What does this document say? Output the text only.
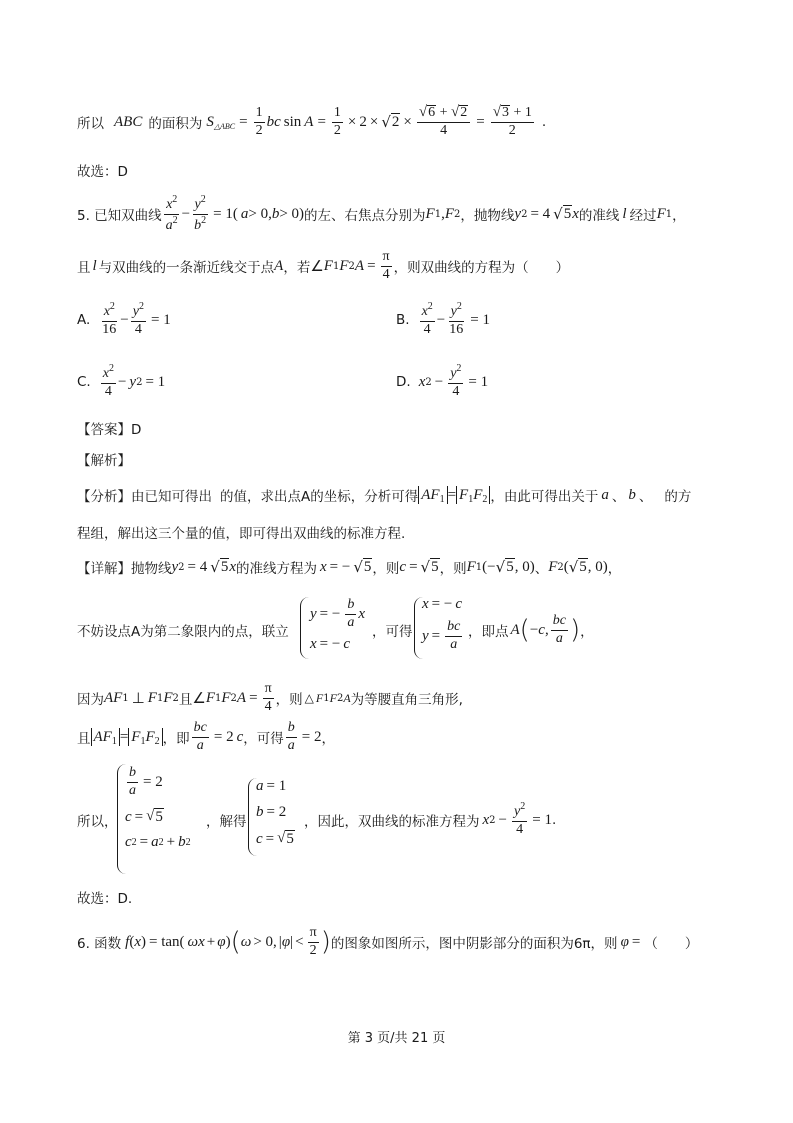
所以 ABC 的面积为 $S_{\triangle ABC} = \frac{1}{2}$ bc $\sin A = \frac{1}{2} \times 2$ × √ $2 \times \frac{√ 6 + √ 2}{4} = \frac{√ 3 + 1}{2}$ .
故选：D
5. 已知双曲线 $\frac{x^2}{a^2} - \frac{y^2}{b^2} = 1$( a > 0, b > 0) 的左、右焦点分别为 F 1 , F 2 ，抛物线 y 2 = 4 √ 5 x 的准线 l 经过 F 1 ，
且 l 与双曲线的一条渐近线交于点 A ，若 ∠ F 1 F 2 $A = \frac{\pi}{4}$ ，则双曲线的方程为（　　）
A. $\frac{x^2}{16} - \frac{y^2}{4} = 1$	B. $\frac{x^2}{4} - \frac{y^2}{16} = 1$
C. $\frac{x^2}{4} - y$ 2 = 1	D. x $2 - \frac{y^2}{4} = 1$
【答案】D
【解析】
【分析】由已知可得出 的值，求出点A的坐标，分析可得 $AF_1 = F_1F_2$ ，由此可得出关于 a 、 b 、 的方
程组，解出这三个量的值，即可得出双曲线的标准方程.
【详解】抛物线 y 2 = 4 √ 5 x 的准线方程为 x = − √ 5 ，则 c = √ 5 ，则 F 1 (− √ 5 , 0) 、 F 2 ( √ 5 , 0) ，
不妨设点A为第二象限内的点，联立
y = − $\frac{b}{a}$ x
x = − c
，可得
x = − c
$y = \frac{bc}{a}$ ，即点 A ( − c , $\frac{bc}{a}$ ) ，
因为 AF 1 ⊥ F 1 F 2 且 ∠ F 1 F 2 $A = \frac{\pi}{4}$ ，则 △ F 1 F 2 A 为等腰直角三角形,
且 $AF_1 = F_1F_2$ ，即 $\frac{bc}{a} = 2$ c ，可得 $\frac{b}{a} = 2$ ，
所以，
$\frac{b}{a} = 2$
c = √ 5
c 2 = a 2 + b 2
，解得
a = 1
b = 2
c = √ 5
，因此，双曲线的标准方程为 x $2 - \frac{y^2}{4} = 1$ .
故选：D.
6. 函数 f ( x ) = tan( ωx + φ ) ( ω > 0, | φ | < $\frac{\pi}{2}$ ) 的图象如图所示，图中阴影部分的面积为6π，则 φ = （　　）
第 3 页/共 21 页
